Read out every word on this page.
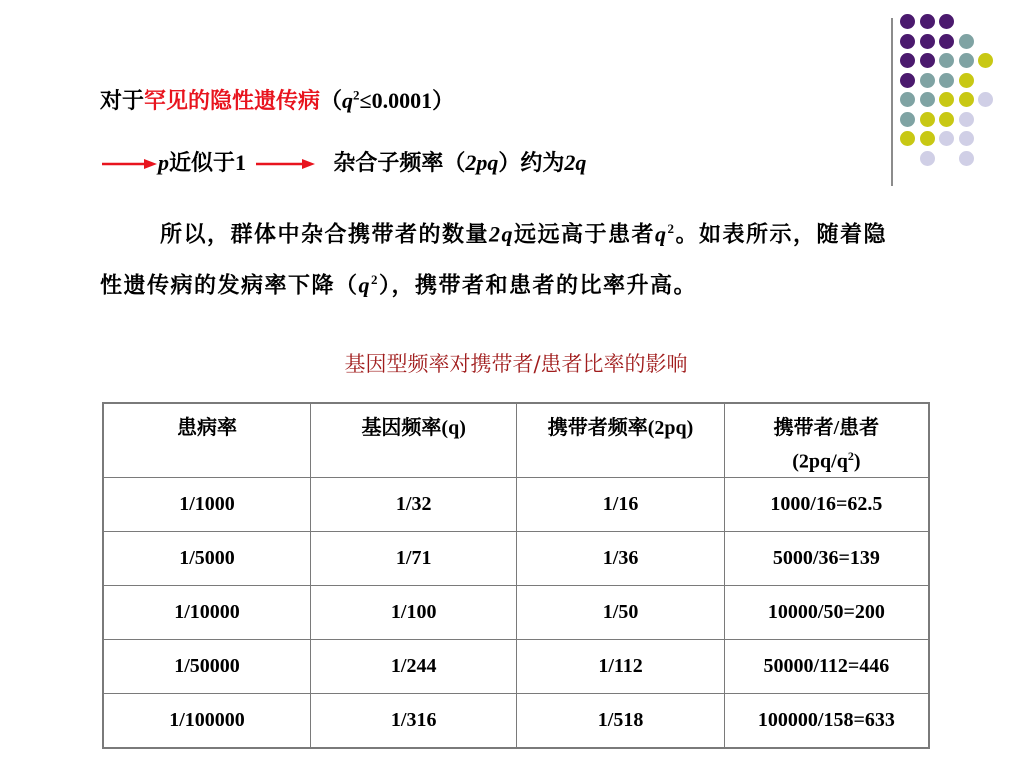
对于罕见的隐性遗传病$(q^2\le 0.0001)$
p近似于1	杂合子频率（2pq）约为2q
所以，群体中杂合携带者的数量2q远远高于患者$q^2$。如表所示，随着隐性遗传病的发病率下降$(q^2)$，携带者和患者的比率升高。
基因型频率对携带者/患者比率的影响
患病率	基因频率(q)	携带者频率(2pq)	携带者/患者
$(2pq/q^2)$
1/1000	1/32	1/16	1000/16=62.5
1/5000	1/71	1/36	5000/36=139
1/10000	1/100	1/50	10000/50=200
1/50000	1/244	1/112	50000/112=446
1/100000	1/316	1/518	100000/158=633
